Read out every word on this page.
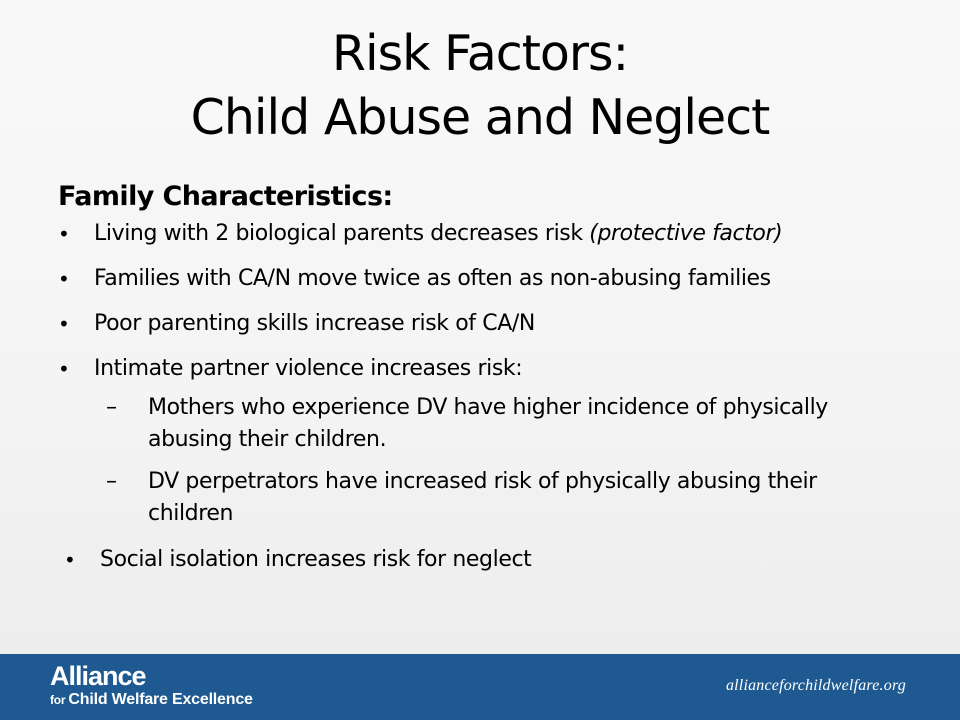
Risk Factors:
Child Abuse and Neglect
Family Characteristics:
•	Living with 2 biological parents decreases risk (protective factor)
•	Families with CA/N move twice as often as non-abusing families
•	Poor parenting skills increase risk of CA/N
•	Intimate partner violence increases risk:
– Mothers who experience DV have higher incidence of physically abusing their children.
– DV perpetrators have increased risk of physically abusing their children
•	Social isolation increases risk for neglect
Alliance
for Child Welfare Excellence
allianceforchildwelfare.org
